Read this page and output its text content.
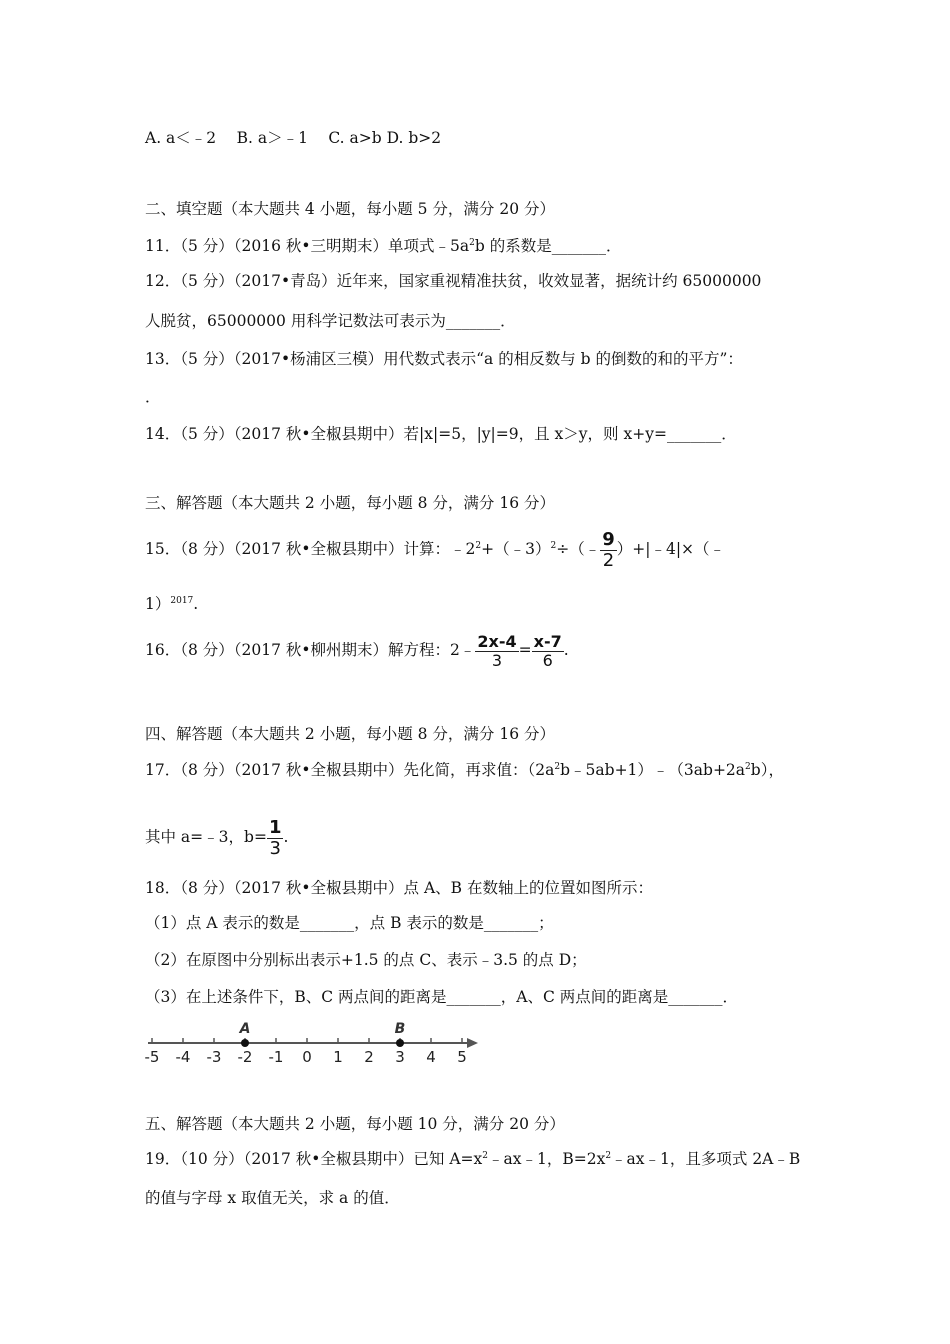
A. a＜﹣2　 B. a＞﹣1　 C. a>b D. b>2
二、填空题（本大题共 4 小题，每小题 5 分，满分 20 分）
11．（5 分）（2016 秋•三明期末）单项式$﹣5a^2b$ 的系数是_______．
12．（5 分）（2017•青岛）近年来，国家重视精准扶贫，收效显著，据统计约 65000000
人脱贫，65000000 用科学记数法可表示为_______．
13．（5 分）（2017•杨浦区三模）用代数式表示“a 的相反数与 b 的倒数的和的平方”：
．
14．（5 分）（2017 秋•全椒县期中）若|x|=5，|y|=9，且 x＞y，则 x+y=_______．
三、解答题（本大题共 2 小题，每小题 8 分，满分 16 分）
15．（8 分）（2017 秋•全椒县期中）计算：$﹣2^2+(﹣3)^2\div(﹣ \frac{9}{2}$ ）+|﹣4|×（﹣
1）$^{2017}$.
16．（8 分）（2017 秋•柳州期末）解方程：2﹣ $\frac{2x-4}{3} = \frac{x-7}{6}$ .
四、解答题（本大题共 2 小题，每小题 8 分，满分 16 分）
17．（8 分）（2017 秋•全椒县期中）先化简，再求值：$(2a^2b﹣5ab+1)﹣(3ab+2a^2b)$，
其中 a=﹣3，$b= \frac{1}{3}$ .
18．（8 分）（2017 秋•全椒县期中）点 A、B 在数轴上的位置如图所示：
（1）点 A 表示的数是_______，点 B 表示的数是_______；
（2）在原图中分别标出表示+1.5 的点 C、表示﹣3.5 的点 D；
（3）在上述条件下，B、C 两点间的距离是_______，A、C 两点间的距离是_______．
-5 -4 -3 -2 -1 0 1 2 3 4 5
A	B
五、解答题（本大题共 2 小题，每小题 10 分，满分 20 分）
19．（10 分）（2017 秋•全椒县期中）已知 $A=x^2﹣ax﹣1$，$B=2x^2﹣ax﹣1$，且多项式 2A﹣B
的值与字母 x 取值无关，求 a 的值．
